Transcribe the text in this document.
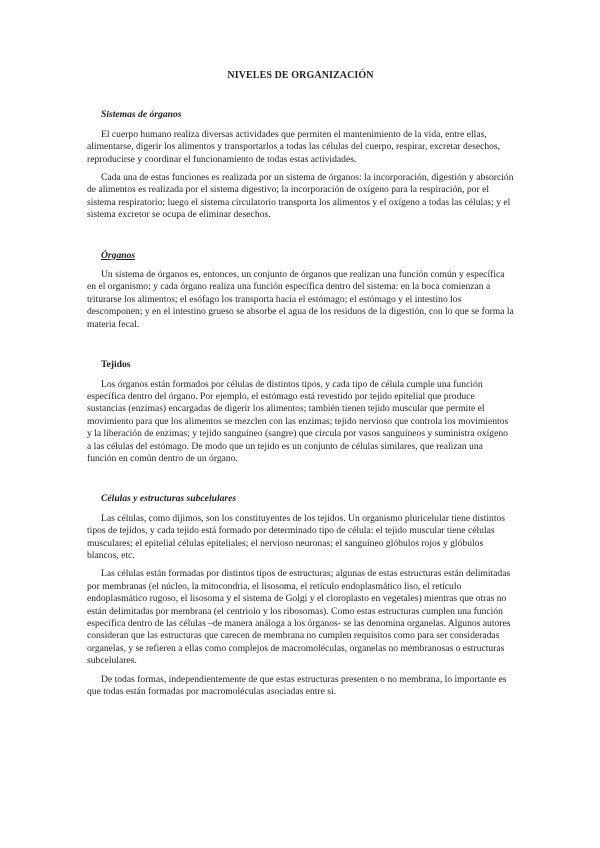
NIVELES DE ORGANIZACIÓN
Sistemas de órganos

El cuerpo humano realiza diversas actividades que permiten el mantenimiento de la vida, entre ellas, alimentarse, digerir los alimentos y transportarlos a todas las células del cuerpo, respirar, excretar desechos, reproducirse y coordinar el funcionamiento de todas estas actividades.

Cada una de estas funciones es realizada por un sistema de órganos: la incorporación, digestión y absorción de alimentos es realizada por el sistema digestivo; la incorporación de oxígeno para la respiración, por el sistema respiratorio; luego el sistema circulatorio transporta los alimentos y el oxígeno a todas las células; y el sistema excretor se ocupa de eliminar desechos.

Órganos

Un sistema de órganos es, entonces, un conjunto de órganos que realizan una función común y específica en el organismo; y cada órgano realiza una función específica dentro del sistema: en la boca comienzan a triturarse los alimentos; el esófago los transporta hacia el estómago; el estómago y el intestino los descomponen; y en el intestino grueso se absorbe el agua de los residuos de la digestión, con lo que se forma la materia fecal.

Tejidos

Los órganos están formados por células de distintos tipos, y cada tipo de célula cumple una función específica dentro del órgano. Por ejemplo, el estómago está revestido por tejido epitelial que produce sustancias (enzimas) encargadas de digerir los alimentos; también tienen tejido muscular que permite el movimiento para que los alimentos se mezclen con las enzimas; tejido nervioso que controla los movimientos y la liberación de enzimas; y tejido sanguíneo (sangre) que circula por vasos sanguíneos y suministra oxígeno a las células del estómago. De modo que un tejido es un conjunto de células similares, que realizan una función en común dentro de un órgano.

Células y estructuras subcelulares

Las células, como dijimos, son los constituyentes de los tejidos. Un organismo pluricelular tiene distintos tipos de tejidos, y cada tejido está formado por determinado tipo de célula: el tejido muscular tiene células musculares; el epitelial células epiteliales; el nervioso neuronas; el sanguíneo glóbulos rojos y glóbulos blancos, etc.

Las células están formadas por distintos tipos de estructuras; algunas de estas estructuras están delimitadas por membranas (el núcleo, la mitocondria, el lisosoma, el retículo endoplasmático liso, el retículo endoplasmático rugoso, el lisosoma y el sistema de Golgi y el cloroplasto en vegetales) mientras que otras no están delimitadas por membrana (el centriolo y los ribosomas). Como estas estructuras cumplen una función específica dentro de las células –de manera análoga a los órganos- se las denomina organelas. Algunos autores consideran que las estructuras que carecen de membrana no cumplen requisitos como para ser consideradas organelas, y se refieren a ellas como complejos de macromoléculas, organelas no membranosas o estructuras subcelulares.

De todas formas, independientemente de que estas estructuras presenten o no membrana, lo importante es que todas están formadas por macromoléculas asociadas entre sí.
